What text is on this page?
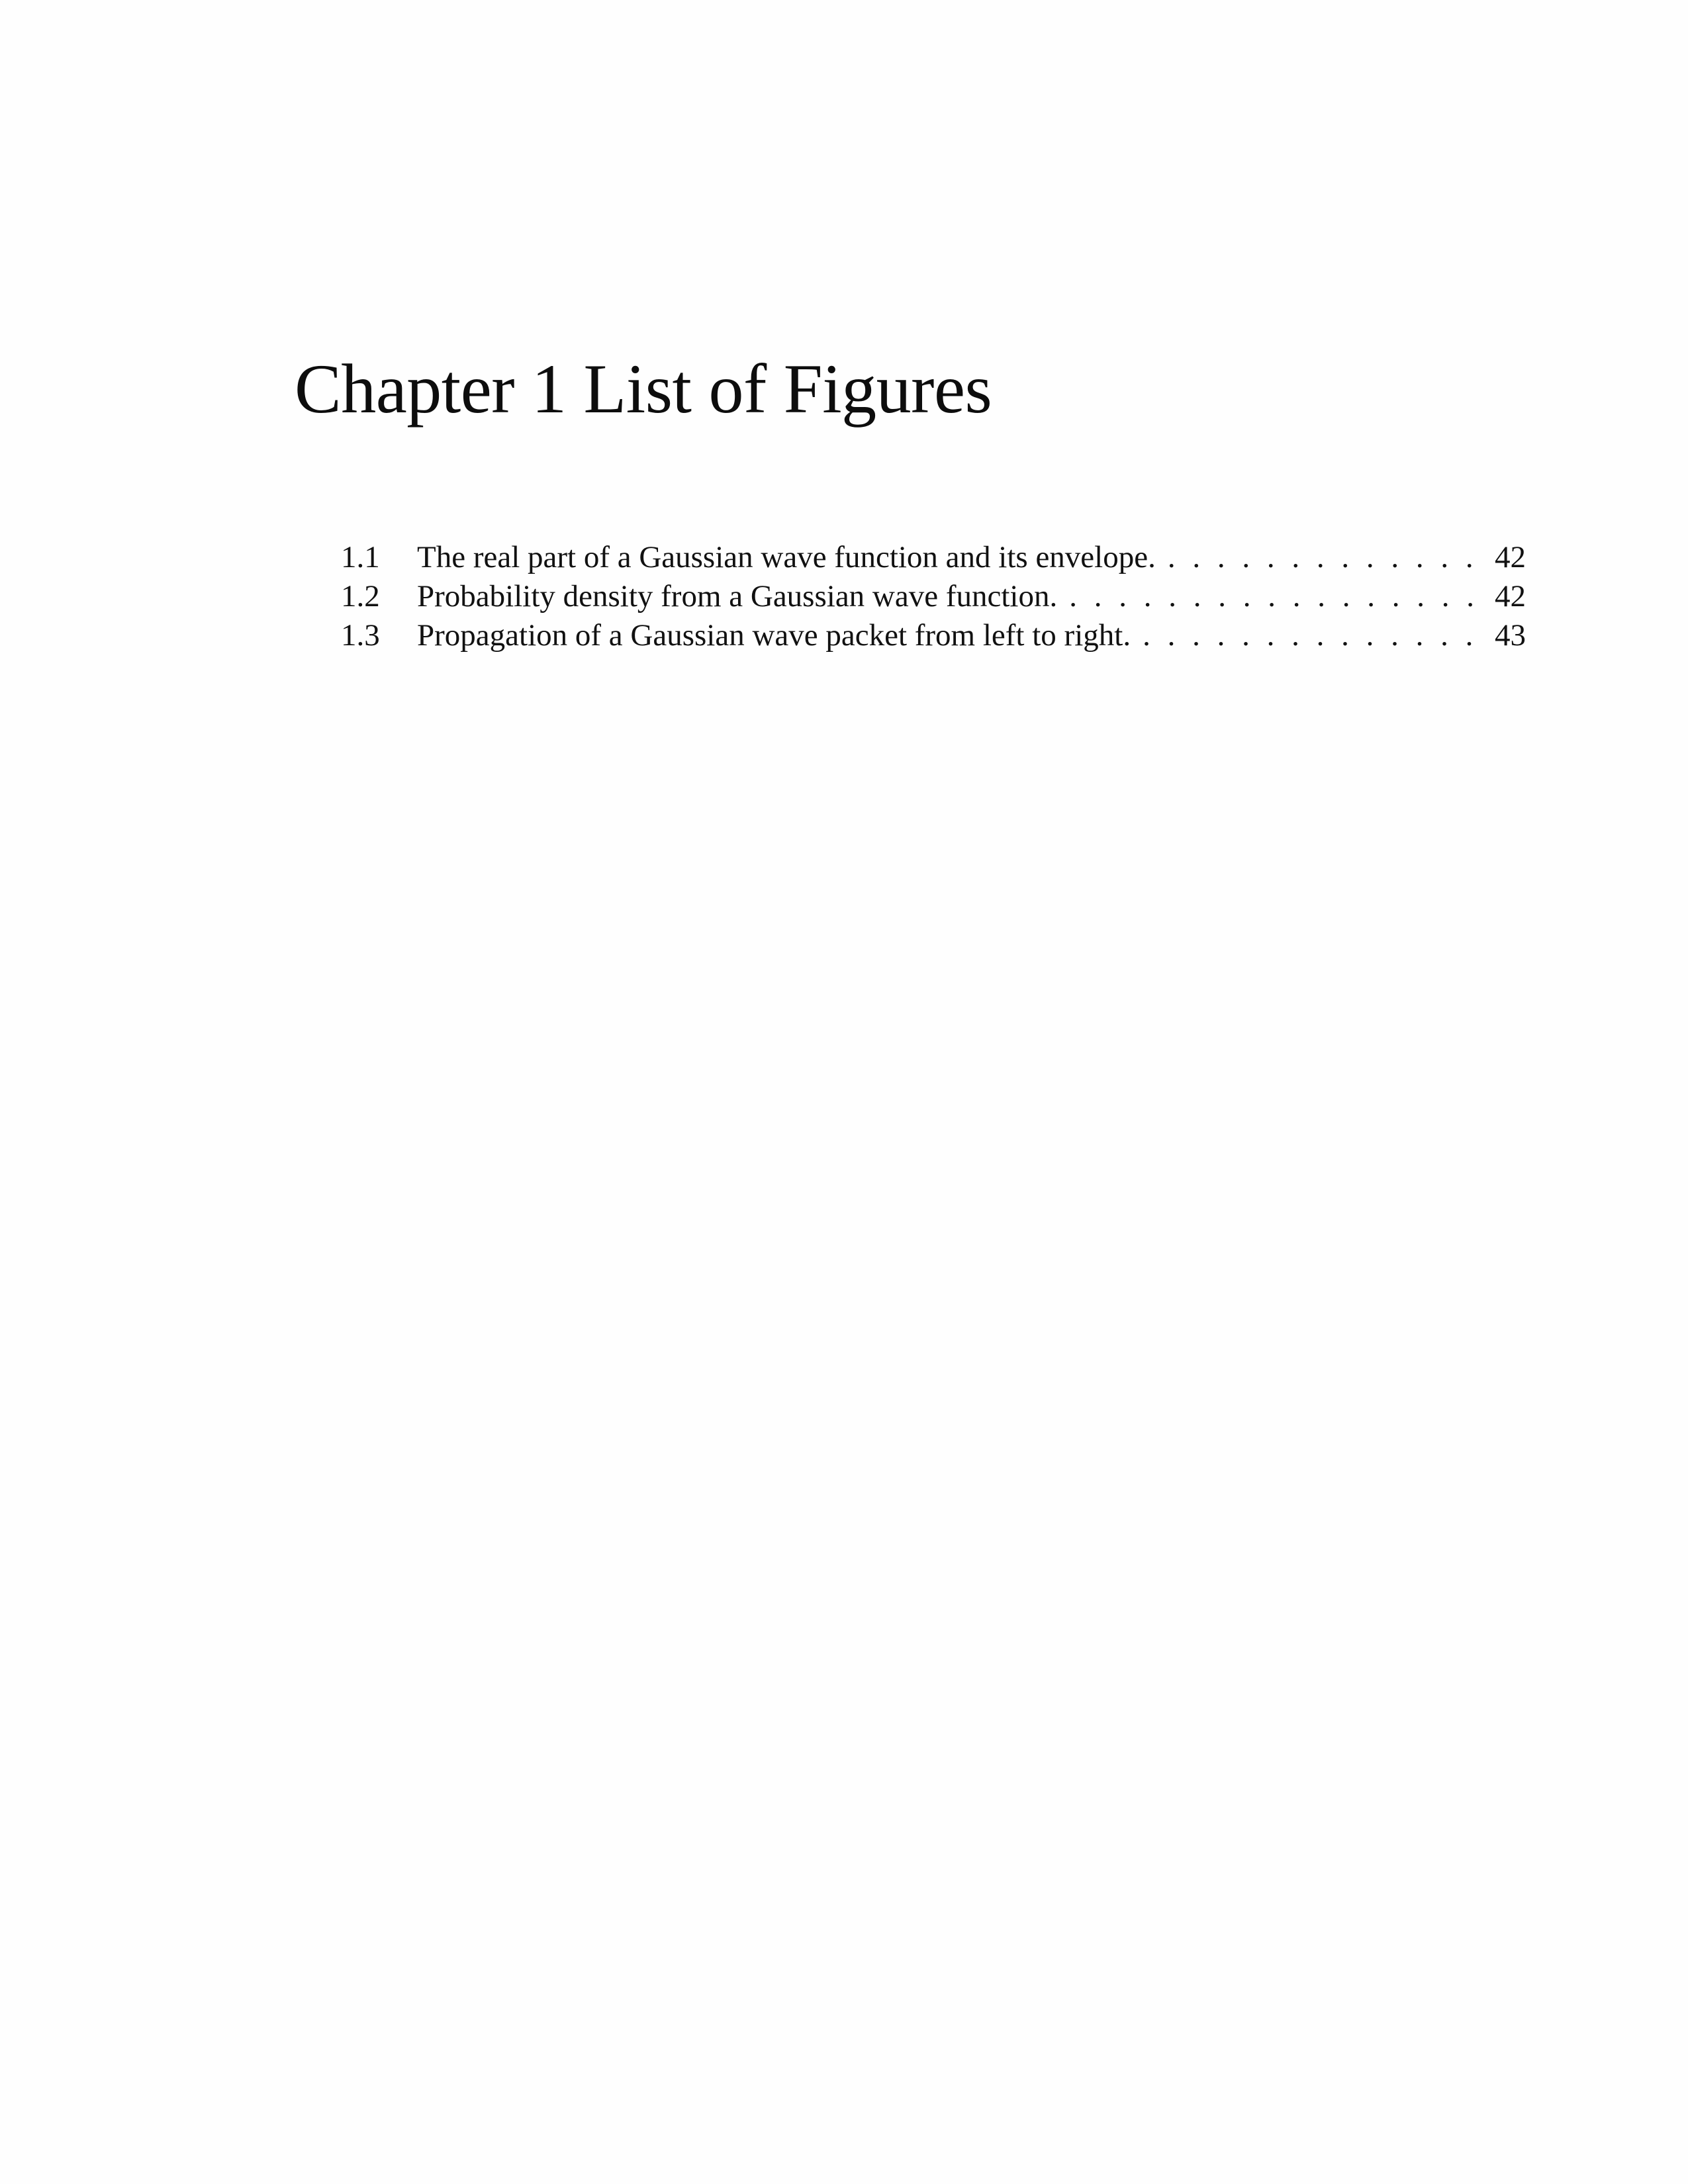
Chapter 1 List of Figures
1.1	The real part of a Gaussian wave function and its envelope. . . .	42
1.2	Probability density from a Gaussian wave function. . . .	42
1.3	Propagation of a Gaussian wave packet from left to right. . . .	43
